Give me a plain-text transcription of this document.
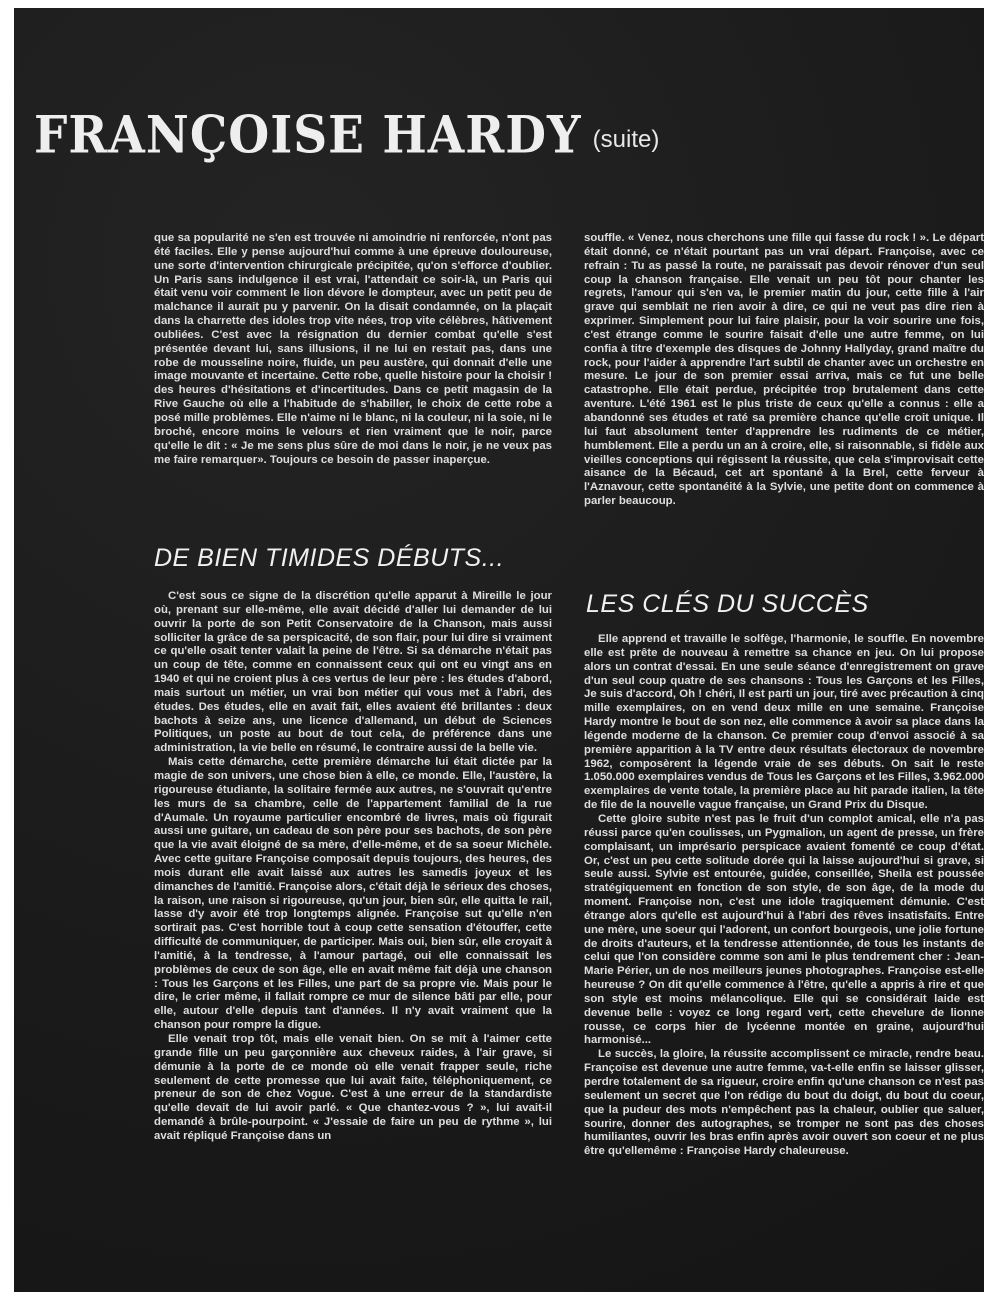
FRANÇOISE HARDY (suite)

que sa popularité ne s'en est trouvée ni amoindrie ni renforcée, n'ont pas été faciles. Elle y pense aujourd'hui comme à une épreuve douloureuse, une sorte d'intervention chirurgicale précipitée, qu'on s'efforce d'oublier. Un Paris sans indulgence il est vrai, l'attendait ce soir-là, un Paris qui était venu voir comment le lion dévore le dompteur, avec un petit peu de malchance il aurait pu y parvenir. On la disait condamnée, on la plaçait dans la charrette des idoles trop vite nées, trop vite célèbres, hâtivement oubliées. C'est avec la résignation du dernier combat qu'elle s'est présentée devant lui, sans illusions, il ne lui en restait pas, dans une robe de mousseline noire, fluide, un peu austère, qui donnait d'elle une image mouvante et incertaine. Cette robe, quelle histoire pour la choisir ! des heures d'hésitations et d'incertitudes. Dans ce petit magasin de la Rive Gauche où elle a l'habitude de s'habiller, le choix de cette robe a posé mille problèmes. Elle n'aime ni le blanc, ni la couleur, ni la soie, ni le broché, encore moins le velours et rien vraiment que le noir, parce qu'elle le dit : « Je me sens plus sûre de moi dans le noir, je ne veux pas me faire remarquer». Toujours ce besoin de passer inaperçue.

DE BIEN TIMIDES DÉBUTS...

C'est sous ce signe de la discrétion qu'elle apparut à Mireille le jour où, prenant sur elle-même, elle avait décidé d'aller lui demander de lui ouvrir la porte de son Petit Conservatoire de la Chanson, mais aussi solliciter la grâce de sa perspicacité, de son flair, pour lui dire si vraiment ce qu'elle osait tenter valait la peine de l'être. Si sa démarche n'était pas un coup de tête, comme en connaissent ceux qui ont eu vingt ans en 1940 et qui ne croient plus à ces vertus de leur père : les études d'abord, mais surtout un métier, un vrai bon métier qui vous met à l'abri, des études. Des études, elle en avait fait, elles avaient été brillantes : deux bachots à seize ans, une licence d'allemand, un début de Sciences Politiques, un poste au bout de tout cela, de préférence dans une administration, la vie belle en résumé, le contraire aussi de la belle vie.

Mais cette démarche, cette première démarche lui était dictée par la magie de son univers, une chose bien à elle, ce monde. Elle, l'austère, la rigoureuse étudiante, la solitaire fermée aux autres, ne s'ouvrait qu'entre les murs de sa chambre, celle de l'appartement familial de la rue d'Aumale. Un royaume particulier encombré de livres, mais où figurait aussi une guitare, un cadeau de son père pour ses bachots, de son père que la vie avait éloigné de sa mère, d'elle-même, et de sa soeur Michèle. Avec cette guitare Françoise composait depuis toujours, des heures, des mois durant elle avait laissé aux autres les samedis joyeux et les dimanches de l'amitié. Françoise alors, c'était déjà le sérieux des choses, la raison, une raison si rigoureuse, qu'un jour, bien sûr, elle quitta le rail, lasse d'y avoir été trop longtemps alignée. Françoise sut qu'elle n'en sortirait pas. C'est horrible tout à coup cette sensation d'étouffer, cette difficulté de communiquer, de participer. Mais oui, bien sûr, elle croyait à l'amitié, à la tendresse, à l'amour partagé, oui elle connaissait les problèmes de ceux de son âge, elle en avait même fait déjà une chanson : Tous les Garçons et les Filles, une part de sa propre vie. Mais pour le dire, le crier même, il fallait rompre ce mur de silence bâti par elle, pour elle, autour d'elle depuis tant d'années. Il n'y avait vraiment que la chanson pour rompre la digue.

Elle venait trop tôt, mais elle venait bien. On se mit à l'aimer cette grande fille un peu garçonnière aux cheveux raides, à l'air grave, si démunie à la porte de ce monde où elle venait frapper seule, riche seulement de cette promesse que lui avait faite, téléphoniquement, ce preneur de son de chez Vogue. C'est à une erreur de la standardiste qu'elle devait de lui avoir parlé. « Que chantez-vous ? », lui avait-il demandé à brûle-pourpoint. « J'essaie de faire un peu de rythme », lui avait répliqué Françoise dans un

souffle. « Venez, nous cherchons une fille qui fasse du rock ! ». Le départ était donné, ce n'était pourtant pas un vrai départ. Françoise, avec ce refrain : Tu as passé la route, ne paraissait pas devoir rénover d'un seul coup la chanson française. Elle venait un peu tôt pour chanter les regrets, l'amour qui s'en va, le premier matin du jour, cette fille à l'air grave qui semblait ne rien avoir à dire, ce qui ne veut pas dire rien à exprimer. Simplement pour lui faire plaisir, pour la voir sourire une fois, c'est étrange comme le sourire faisait d'elle une autre femme, on lui confia à titre d'exemple des disques de Johnny Hallyday, grand maître du rock, pour l'aider à apprendre l'art subtil de chanter avec un orchestre en mesure. Le jour de son premier essai arriva, mais ce fut une belle catastrophe. Elle était perdue, précipitée trop brutalement dans cette aventure. L'été 1961 est le plus triste de ceux qu'elle a connus : elle a abandonné ses études et raté sa première chance qu'elle croit unique. Il lui faut absolument tenter d'apprendre les rudiments de ce métier, humblement. Elle a perdu un an à croire, elle, si raisonnable, si fidèle aux vieilles conceptions qui régissent la réussite, que cela s'improvisait cette aisance de la Bécaud, cet art spontané à la Brel, cette ferveur à l'Aznavour, cette spontanéité à la Sylvie, une petite dont on commence à parler beaucoup.

LES CLÉS DU SUCCÈS

Elle apprend et travaille le solfège, l'harmonie, le souffle. En novembre elle est prête de nouveau à remettre sa chance en jeu. On lui propose alors un contrat d'essai. En une seule séance d'enregistrement on grave d'un seul coup quatre de ses chansons : Tous les Garçons et les Filles, Je suis d'accord, Oh ! chéri, Il est parti un jour, tiré avec précaution à cinq mille exemplaires, on en vend deux mille en une semaine. Françoise Hardy montre le bout de son nez, elle commence à avoir sa place dans la légende moderne de la chanson. Ce premier coup d'envoi associé à sa première apparition à la TV entre deux résultats électoraux de novembre 1962, composèrent la légende vraie de ses débuts. On sait le reste 1.050.000 exemplaires vendus de Tous les Garçons et les Filles, 3.962.000 exemplaires de vente totale, la première place au hit parade italien, la tête de file de la nouvelle vague française, un Grand Prix du Disque.

Cette gloire subite n'est pas le fruit d'un complot amical, elle n'a pas réussi parce qu'en coulisses, un Pygmalion, un agent de presse, un frère complaisant, un imprésario perspicace avaient fomenté ce coup d'état. Or, c'est un peu cette solitude dorée qui la laisse aujourd'hui si grave, si seule aussi. Sylvie est entourée, guidée, conseillée, Sheila est poussée stratégiquement en fonction de son style, de son âge, de la mode du moment. Françoise non, c'est une idole tragiquement démunie. C'est étrange alors qu'elle est aujourd'hui à l'abri des rêves insatisfaits. Entre une mère, une soeur qui l'adorent, un confort bourgeois, une jolie fortune de droits d'auteurs, et la tendresse attentionnée, de tous les instants de celui que l'on considère comme son ami le plus tendrement cher : Jean-Marie Périer, un de nos meilleurs jeunes photographes. Françoise est-elle heureuse ? On dit qu'elle commence à l'être, qu'elle a appris à rire et que son style est moins mélancolique. Elle qui se considérait laide est devenue belle : voyez ce long regard vert, cette chevelure de lionne rousse, ce corps hier de lycéenne montée en graine, aujourd'hui harmonisé...

Le succès, la gloire, la réussite accomplissent ce miracle, rendre beau. Françoise est devenue une autre femme, va-t-elle enfin se laisser glisser, perdre totalement de sa rigueur, croire enfin qu'une chanson ce n'est pas seulement un secret que l'on rédige du bout du doigt, du bout du coeur, que la pudeur des mots n'empêchent pas la chaleur, oublier que saluer, sourire, donner des autographes, se tromper ne sont pas des choses humiliantes, ouvrir les bras enfin après avoir ouvert son coeur et ne plus être qu'ellemême : Françoise Hardy chaleureuse.
